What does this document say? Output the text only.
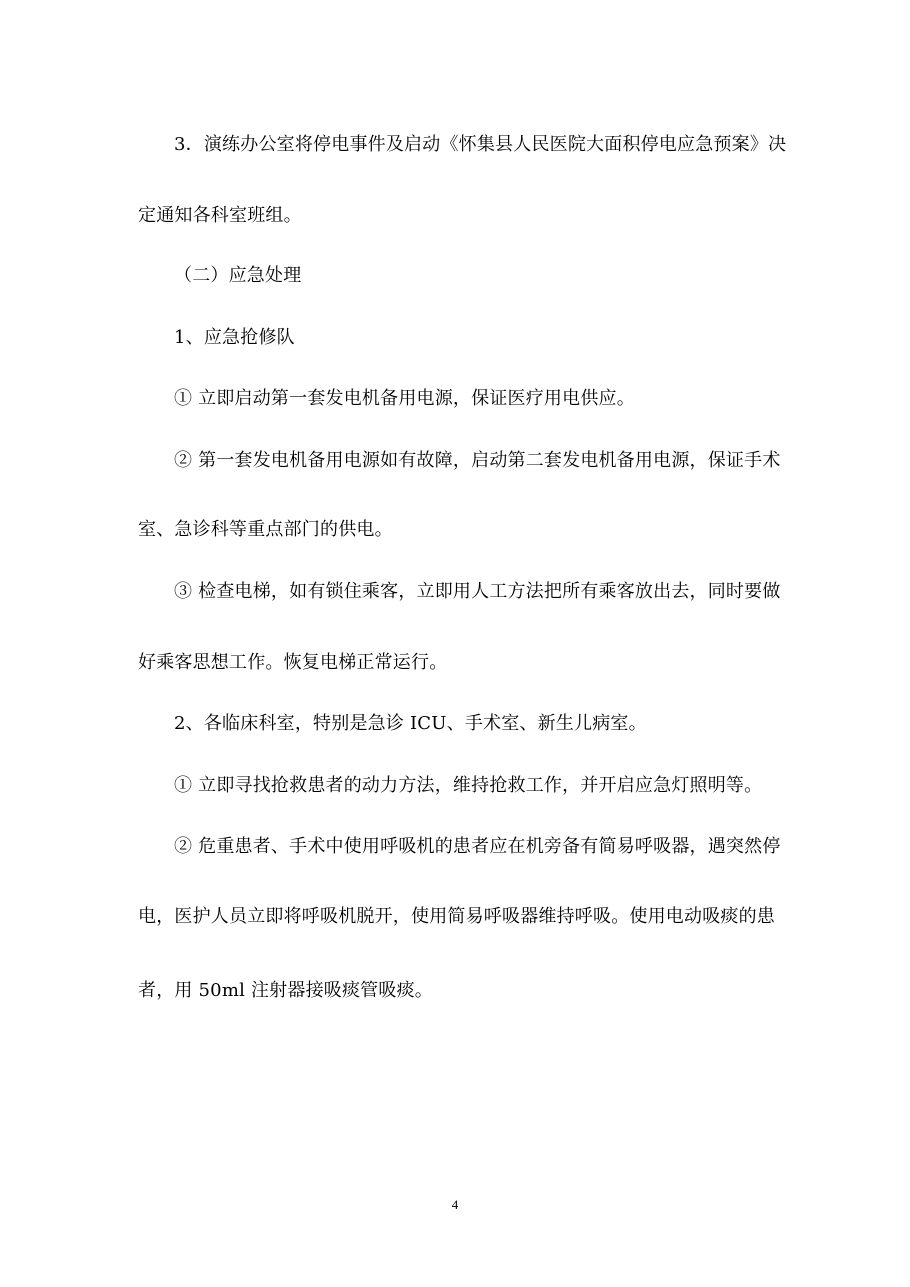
3．演练办公室将停电事件及启动《怀集县人民医院大面积停电应急预案》决
定通知各科室班组。
（二）应急处理
1、应急抢修队
① 立即启动第一套发电机备用电源，保证医疗用电供应。
② 第一套发电机备用电源如有故障，启动第二套发电机备用电源，保证手术
室、急诊科等重点部门的供电。
③ 检查电梯，如有锁住乘客，立即用人工方法把所有乘客放出去，同时要做
好乘客思想工作。恢复电梯正常运行。
2、各临床科室，特别是急诊 ICU、手术室、新生儿病室。
① 立即寻找抢救患者的动力方法，维持抢救工作，并开启应急灯照明等。
② 危重患者、手术中使用呼吸机的患者应在机旁备有简易呼吸器，遇突然停
电，医护人员立即将呼吸机脱开，使用简易呼吸器维持呼吸。使用电动吸痰的患
者，用 50ml 注射器接吸痰管吸痰。
4
